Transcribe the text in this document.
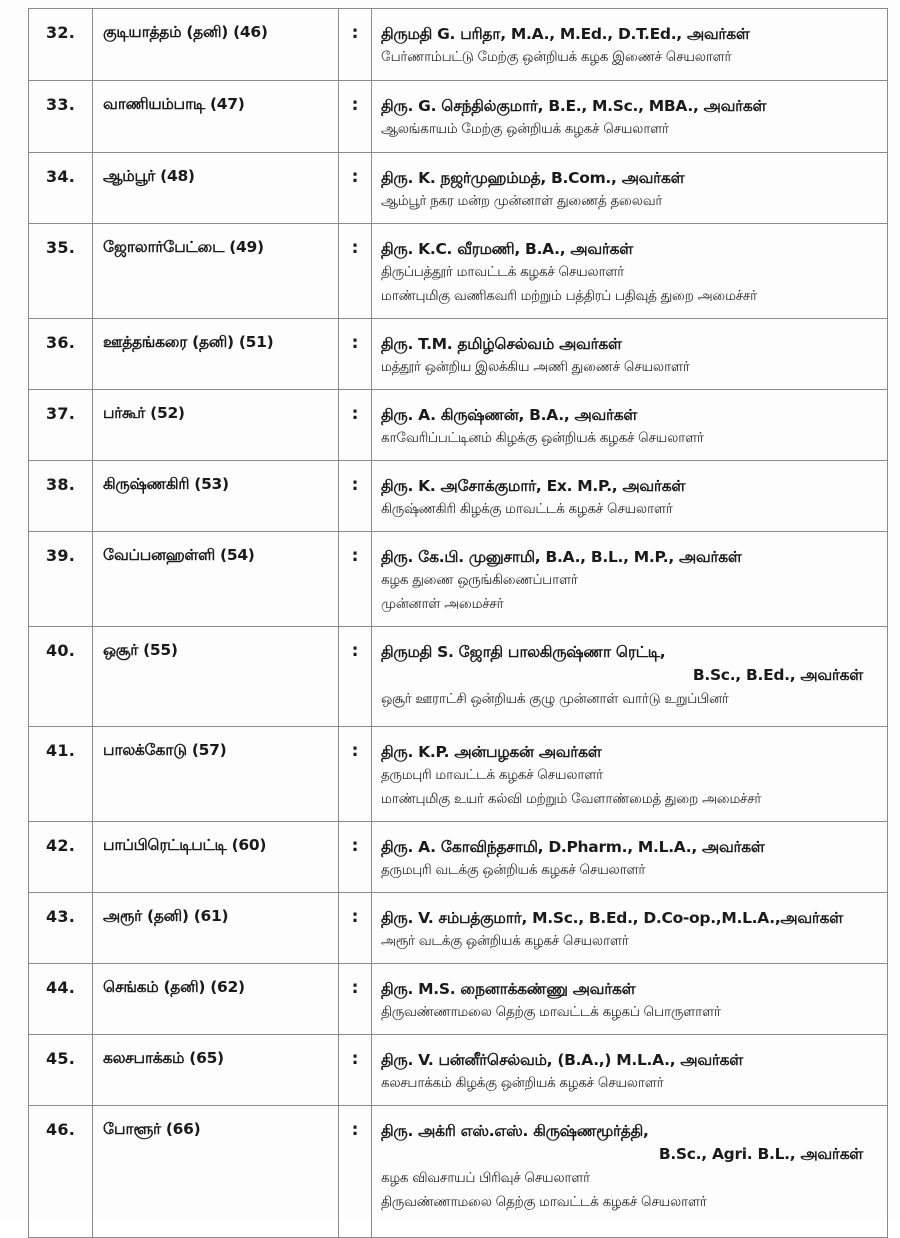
32.	குடியாத்தம் (தனி) (46)	:	திருமதி G. பரிதா, M.A., M.Ed., D.T.Ed., அவர்கள்
பேர்ணாம்பட்டு மேற்கு ஒன்றியக் கழக இணைச் செயலாளர்

33.	வாணியம்பாடி (47)	:	திரு. G. செந்தில்குமார், B.E., M.Sc., MBA., அவர்கள்
ஆலங்காயம் மேற்கு ஒன்றியக் கழகச் செயலாளர்

34.	ஆம்பூர் (48)	:	திரு. K. நஜர்முஹம்மத், B.Com., அவர்கள்
ஆம்பூர் நகர மன்ற முன்னாள் துணைத் தலைவர்

35.	ஜோலார்பேட்டை (49)	:	திரு. K.C. வீரமணி, B.A., அவர்கள்
திருப்பத்தூர் மாவட்டக் கழகச் செயலாளர்
மாண்புமிகு வணிகவரி மற்றும் பத்திரப் பதிவுத் துறை அமைச்சர்

36.	ஊத்தங்கரை (தனி) (51)	:	திரு. T.M. தமிழ்செல்வம் அவர்கள்
மத்தூர் ஒன்றிய இலக்கிய அணி துணைச் செயலாளர்

37.	பர்கூர் (52)	:	திரு. A. கிருஷ்ணன், B.A., அவர்கள்
காவேரிப்பட்டினம் கிழக்கு ஒன்றியக் கழகச் செயலாளர்

38.	கிருஷ்ணகிரி (53)	:	திரு. K. அசோக்குமார், Ex. M.P., அவர்கள்
கிருஷ்ணகிரி கிழக்கு மாவட்டக் கழகச் செயலாளர்

39.	வேப்பனஹள்ளி (54)	:	திரு. கே.பி. முனுசாமி, B.A., B.L., M.P., அவர்கள்
கழக துணை ஒருங்கிணைப்பாளர்
முன்னாள் அமைச்சர்

40.	ஒசூர் (55)	:	திருமதி S. ஜோதி பாலகிருஷ்ணா ரெட்டி,
B.Sc., B.Ed., அவர்கள்
ஒசூர் ஊராட்சி ஒன்றியக் குழு முன்னாள் வார்டு உறுப்பினர்

41.	பாலக்கோடு (57)	:	திரு. K.P. அன்பழகன் அவர்கள்
தருமபுரி மாவட்டக் கழகச் செயலாளர்
மாண்புமிகு உயர் கல்வி மற்றும் வேளாண்மைத் துறை அமைச்சர்

42.	பாப்பிரெட்டிபட்டி (60)	:	திரு. A. கோவிந்தசாமி, D.Pharm., M.L.A., அவர்கள்
தருமபுரி வடக்கு ஒன்றியக் கழகச் செயலாளர்

43.	அரூர் (தனி) (61)	:	திரு. V. சம்பத்குமார், M.Sc., B.Ed., D.Co-op.,M.L.A.,அவர்கள்
அரூர் வடக்கு ஒன்றியக் கழகச் செயலாளர்

44.	செங்கம் (தனி) (62)	:	திரு. M.S. நைனாக்கண்ணு அவர்கள்
திருவண்ணாமலை தெற்கு மாவட்டக் கழகப் பொருளாளர்

45.	கலசபாக்கம் (65)	:	திரு. V. பன்னீர்செல்வம், (B.A.,) M.L.A., அவர்கள்
கலசபாக்கம் கிழக்கு ஒன்றியக் கழகச் செயலாளர்

46.	போளூர் (66)	:	திரு. அக்ரி எஸ்.எஸ். கிருஷ்ணமூர்த்தி,
B.Sc., Agri. B.L., அவர்கள்
கழக விவசாயப் பிரிவுச் செயலாளர்
திருவண்ணாமலை தெற்கு மாவட்டக் கழகச் செயலாளர்
